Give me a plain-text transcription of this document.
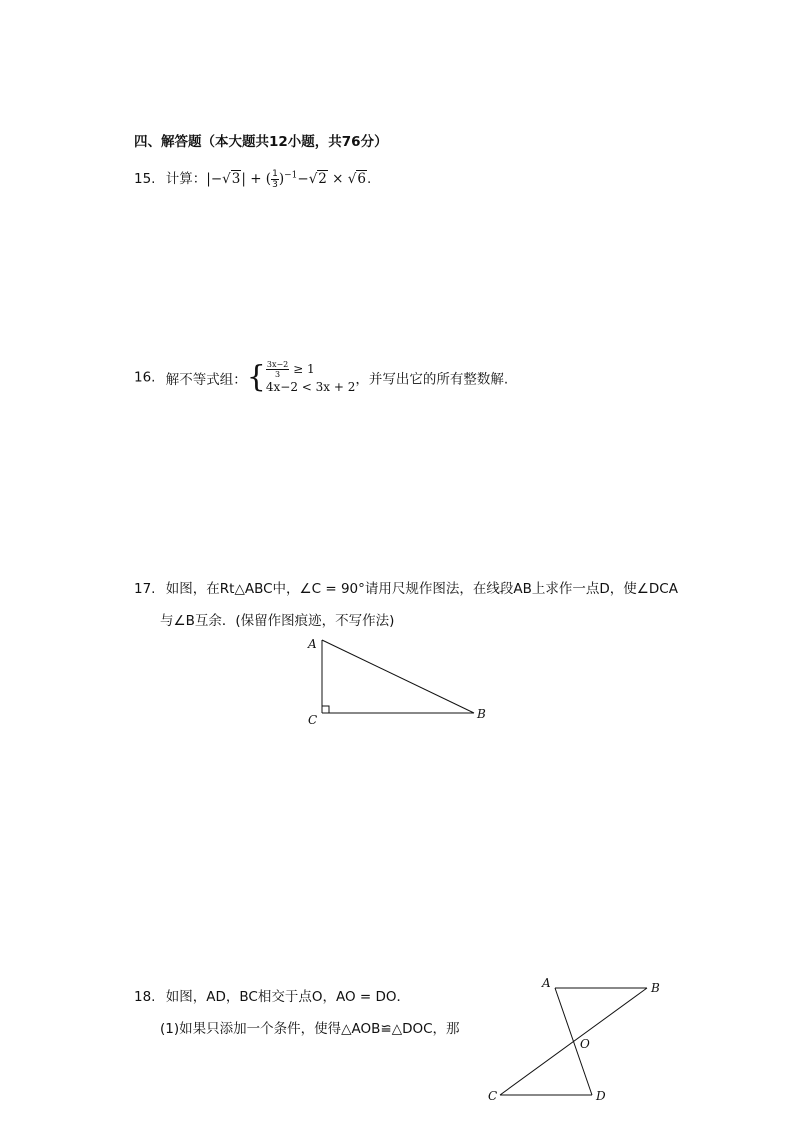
四、解答题（本大题共12小题，共76分）
15. 计算：|−√3| + ( $\frac{1}{3} )^{-1}-√2 \times √6$.
16. 解不等式组：{ $\frac{3x-2}{3} \ge 1$
4x−2 < 3x + 2 ，并写出它的所有整数解.
17. 如图，在Rt△ABC中，∠C = 90°请用尺规作图法，在线段AB上求作一点D，使∠DCA
与∠B互余．(保留作图痕迹，不写作法)
A
C	B
18. 如图，AD，BC相交于点O，AO = DO．
(1)如果只添加一个条件，使得△AOB≌△DOC，那
A	B
O
C	D
